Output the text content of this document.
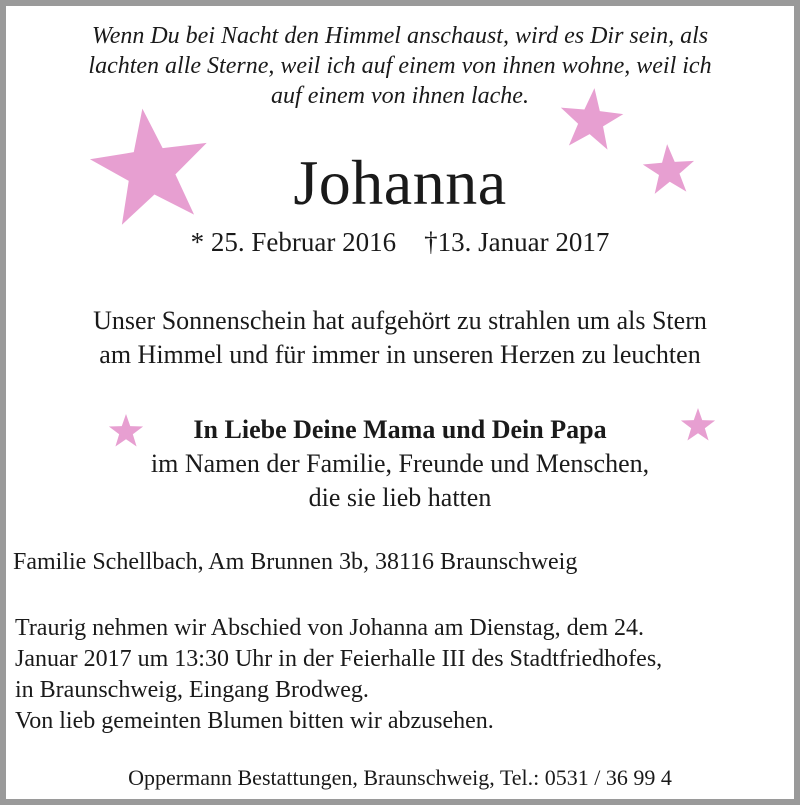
Wenn Du bei Nacht den Himmel anschaust, wird es Dir sein, als
lachten alle Sterne, weil ich auf einem von ihnen wohne, weil ich
auf einem von ihnen lache.
Johanna
* 25. Februar 2016 †13. Januar 2017
Unser Sonnenschein hat aufgehört zu strahlen um als Stern
am Himmel und für immer in unseren Herzen zu leuchten
In Liebe Deine Mama und Dein Papa
im Namen der Familie, Freunde und Menschen,
die sie lieb hatten
Familie Schellbach, Am Brunnen 3b, 38116 Braunschweig
Traurig nehmen wir Abschied von Johanna am Dienstag, dem 24.
Januar 2017 um 13:30 Uhr in der Feierhalle III des Stadtfriedhofes,
in Braunschweig, Eingang Brodweg.
Von lieb gemeinten Blumen bitten wir abzusehen.
Oppermann Bestattungen, Braunschweig, Tel.: 0531 / 36 99 4
